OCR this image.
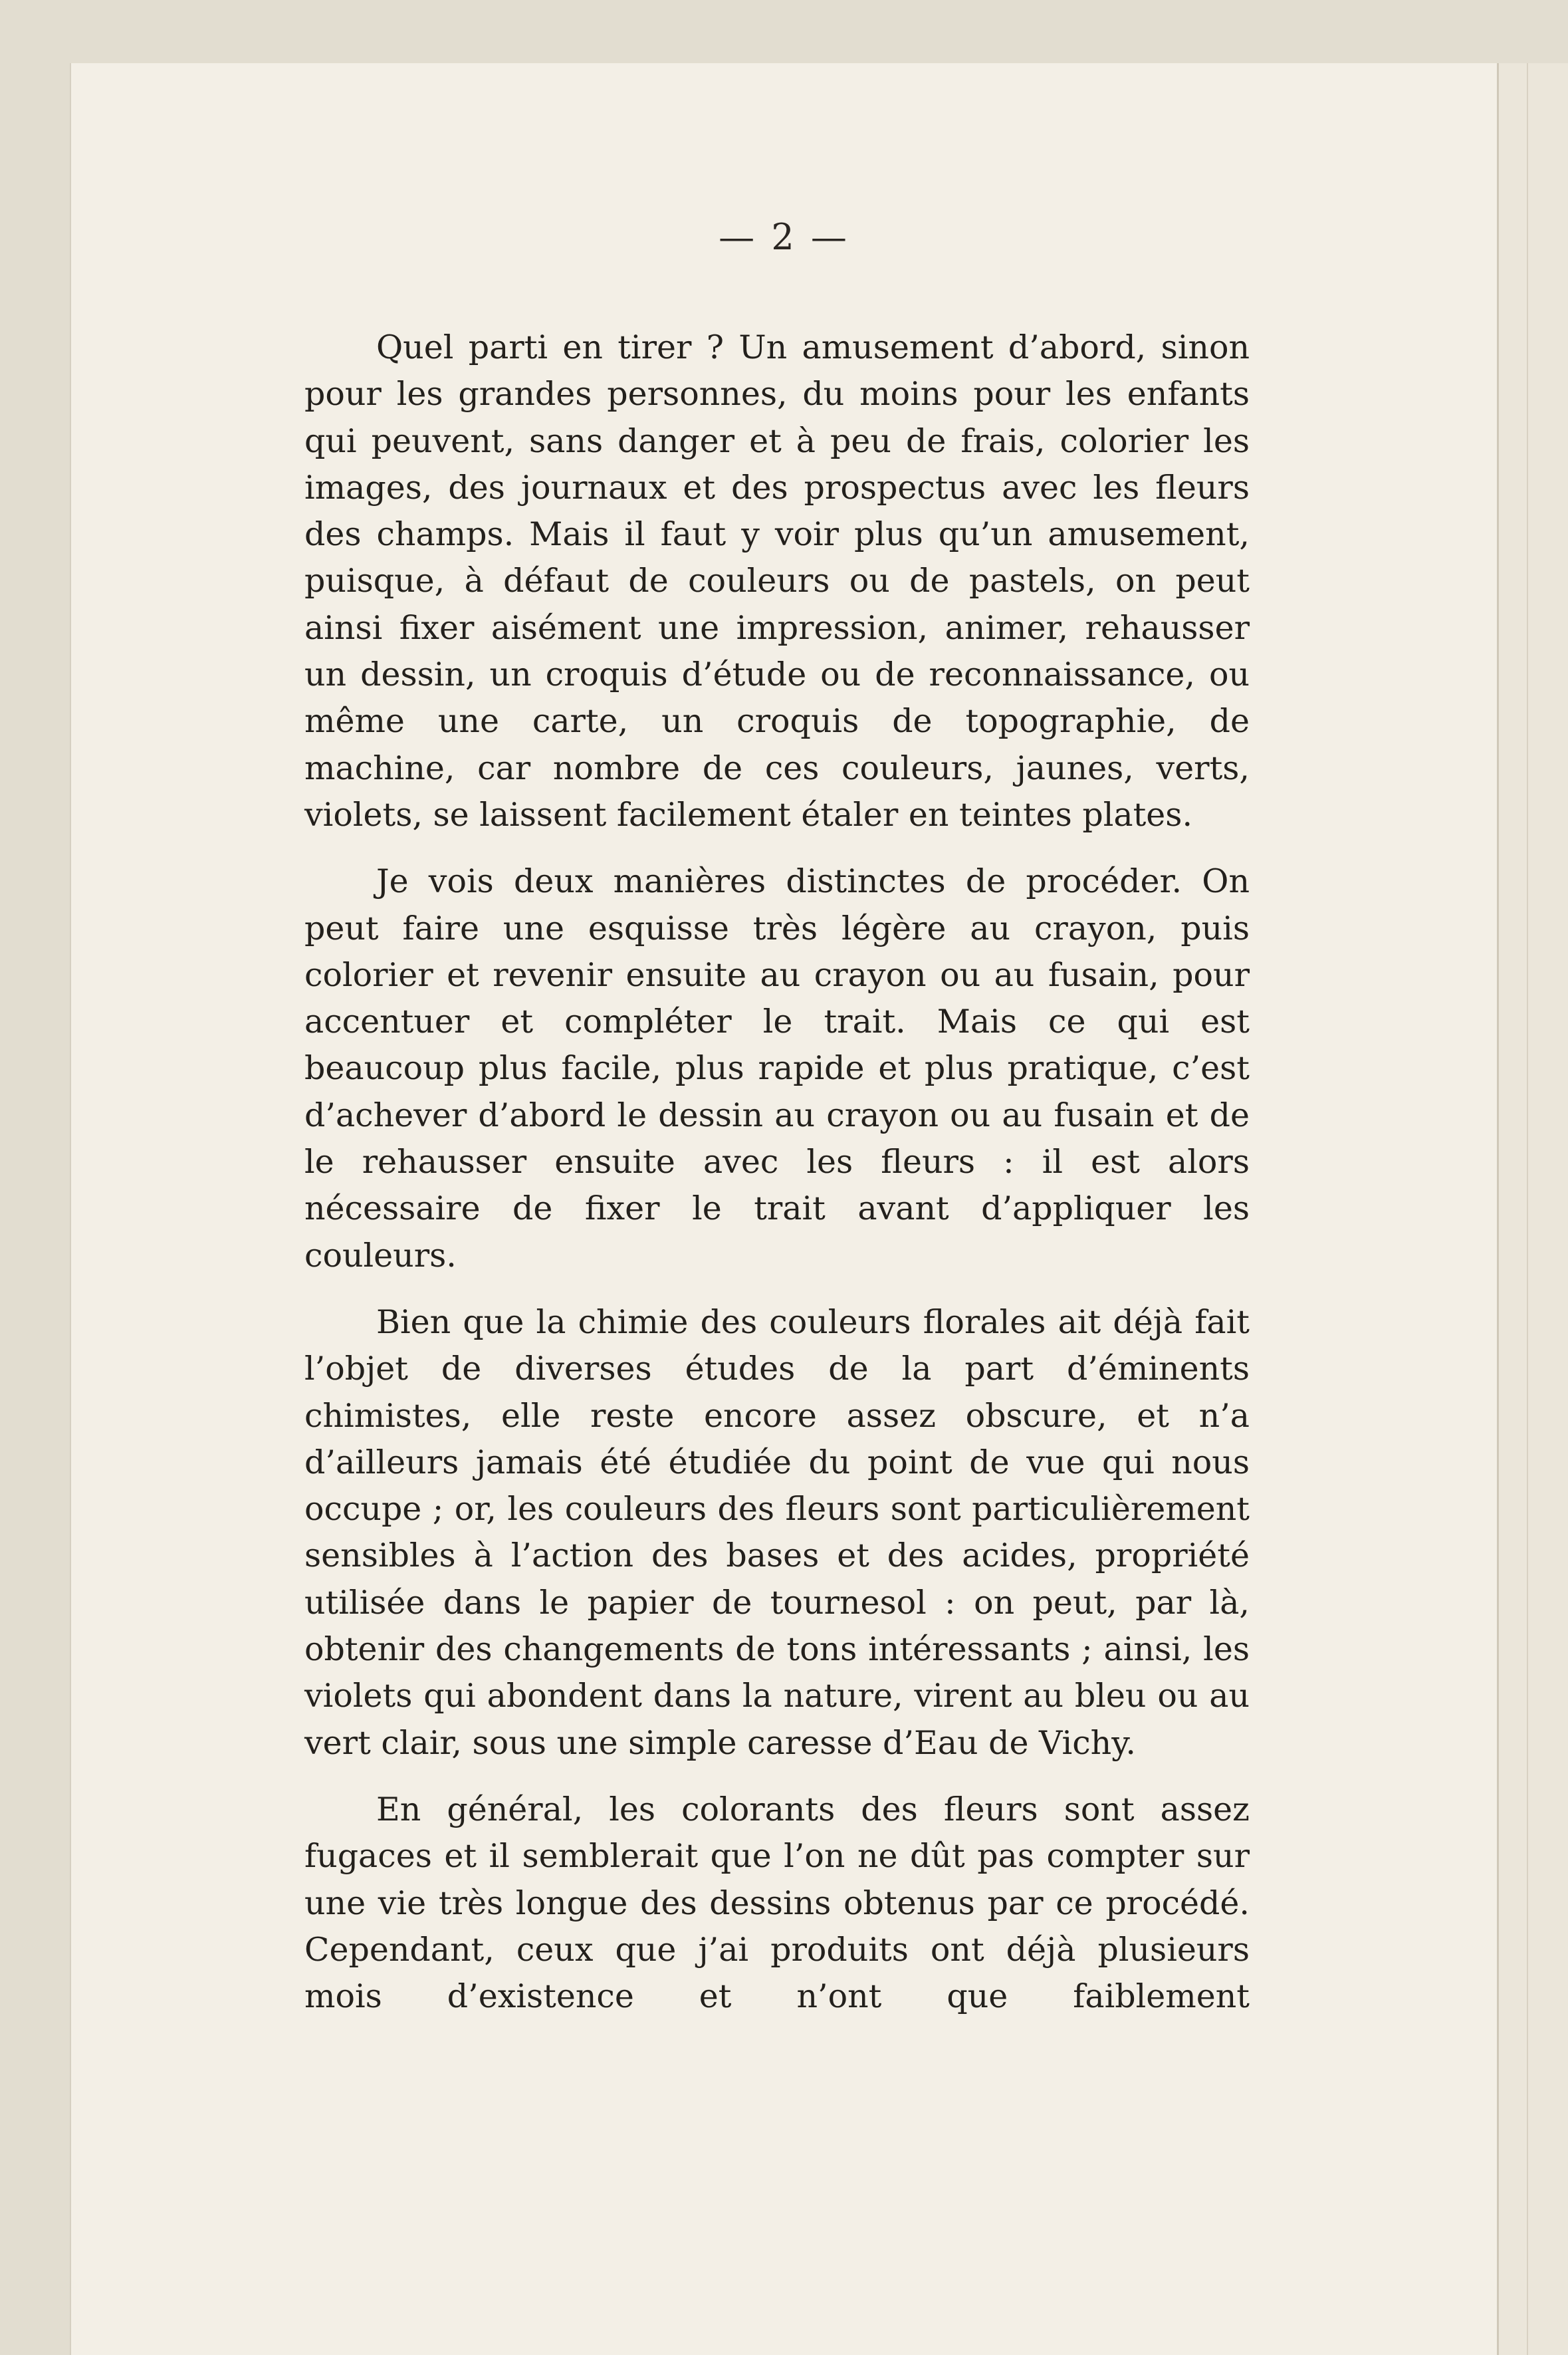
— 2 —

Quel parti en tirer ? Un amusement d’abord, sinon pour les grandes personnes, du moins pour les enfants qui peuvent, sans danger et à peu de frais, colorier les images, des journaux et des prospectus avec les fleurs des champs. Mais il faut y voir plus qu’un amusement, puisque, à défaut de couleurs ou de pastels, on peut ainsi fixer aisément une impression, animer, rehausser un dessin, un croquis d’étude ou de reconnaissance, ou même une carte, un croquis de topographie, de machine, car nombre de ces couleurs, jaunes, verts, violets, se laissent facilement étaler en teintes plates.

Je vois deux manières distinctes de procéder. On peut faire une esquisse très légère au crayon, puis colorier et revenir ensuite au crayon ou au fusain, pour accentuer et compléter le trait. Mais ce qui est beaucoup plus facile, plus rapide et plus pratique, c’est d’achever d’abord le dessin au crayon ou au fusain et de le rehausser ensuite avec les fleurs : il est alors nécessaire de fixer le trait avant d’appliquer les couleurs.

Bien que la chimie des couleurs florales ait déjà fait l’objet de diverses études de la part d’éminents chimistes, elle reste encore assez obscure, et n’a d’ailleurs jamais été étudiée du point de vue qui nous occupe ; or, les couleurs des fleurs sont particulièrement sensibles à l’action des bases et des acides, propriété utilisée dans le papier de tournesol : on peut, par là, obtenir des changements de tons intéressants ; ainsi, les violets qui abondent dans la nature, virent au bleu ou au vert clair, sous une simple caresse d’Eau de Vichy.

En général, les colorants des fleurs sont assez fugaces et il semblerait que l’on ne dût pas compter sur une vie très longue des dessins obtenus par ce procédé. Cependant, ceux que j’ai produits ont déjà plusieurs mois d’existence et n’ont que faiblement
